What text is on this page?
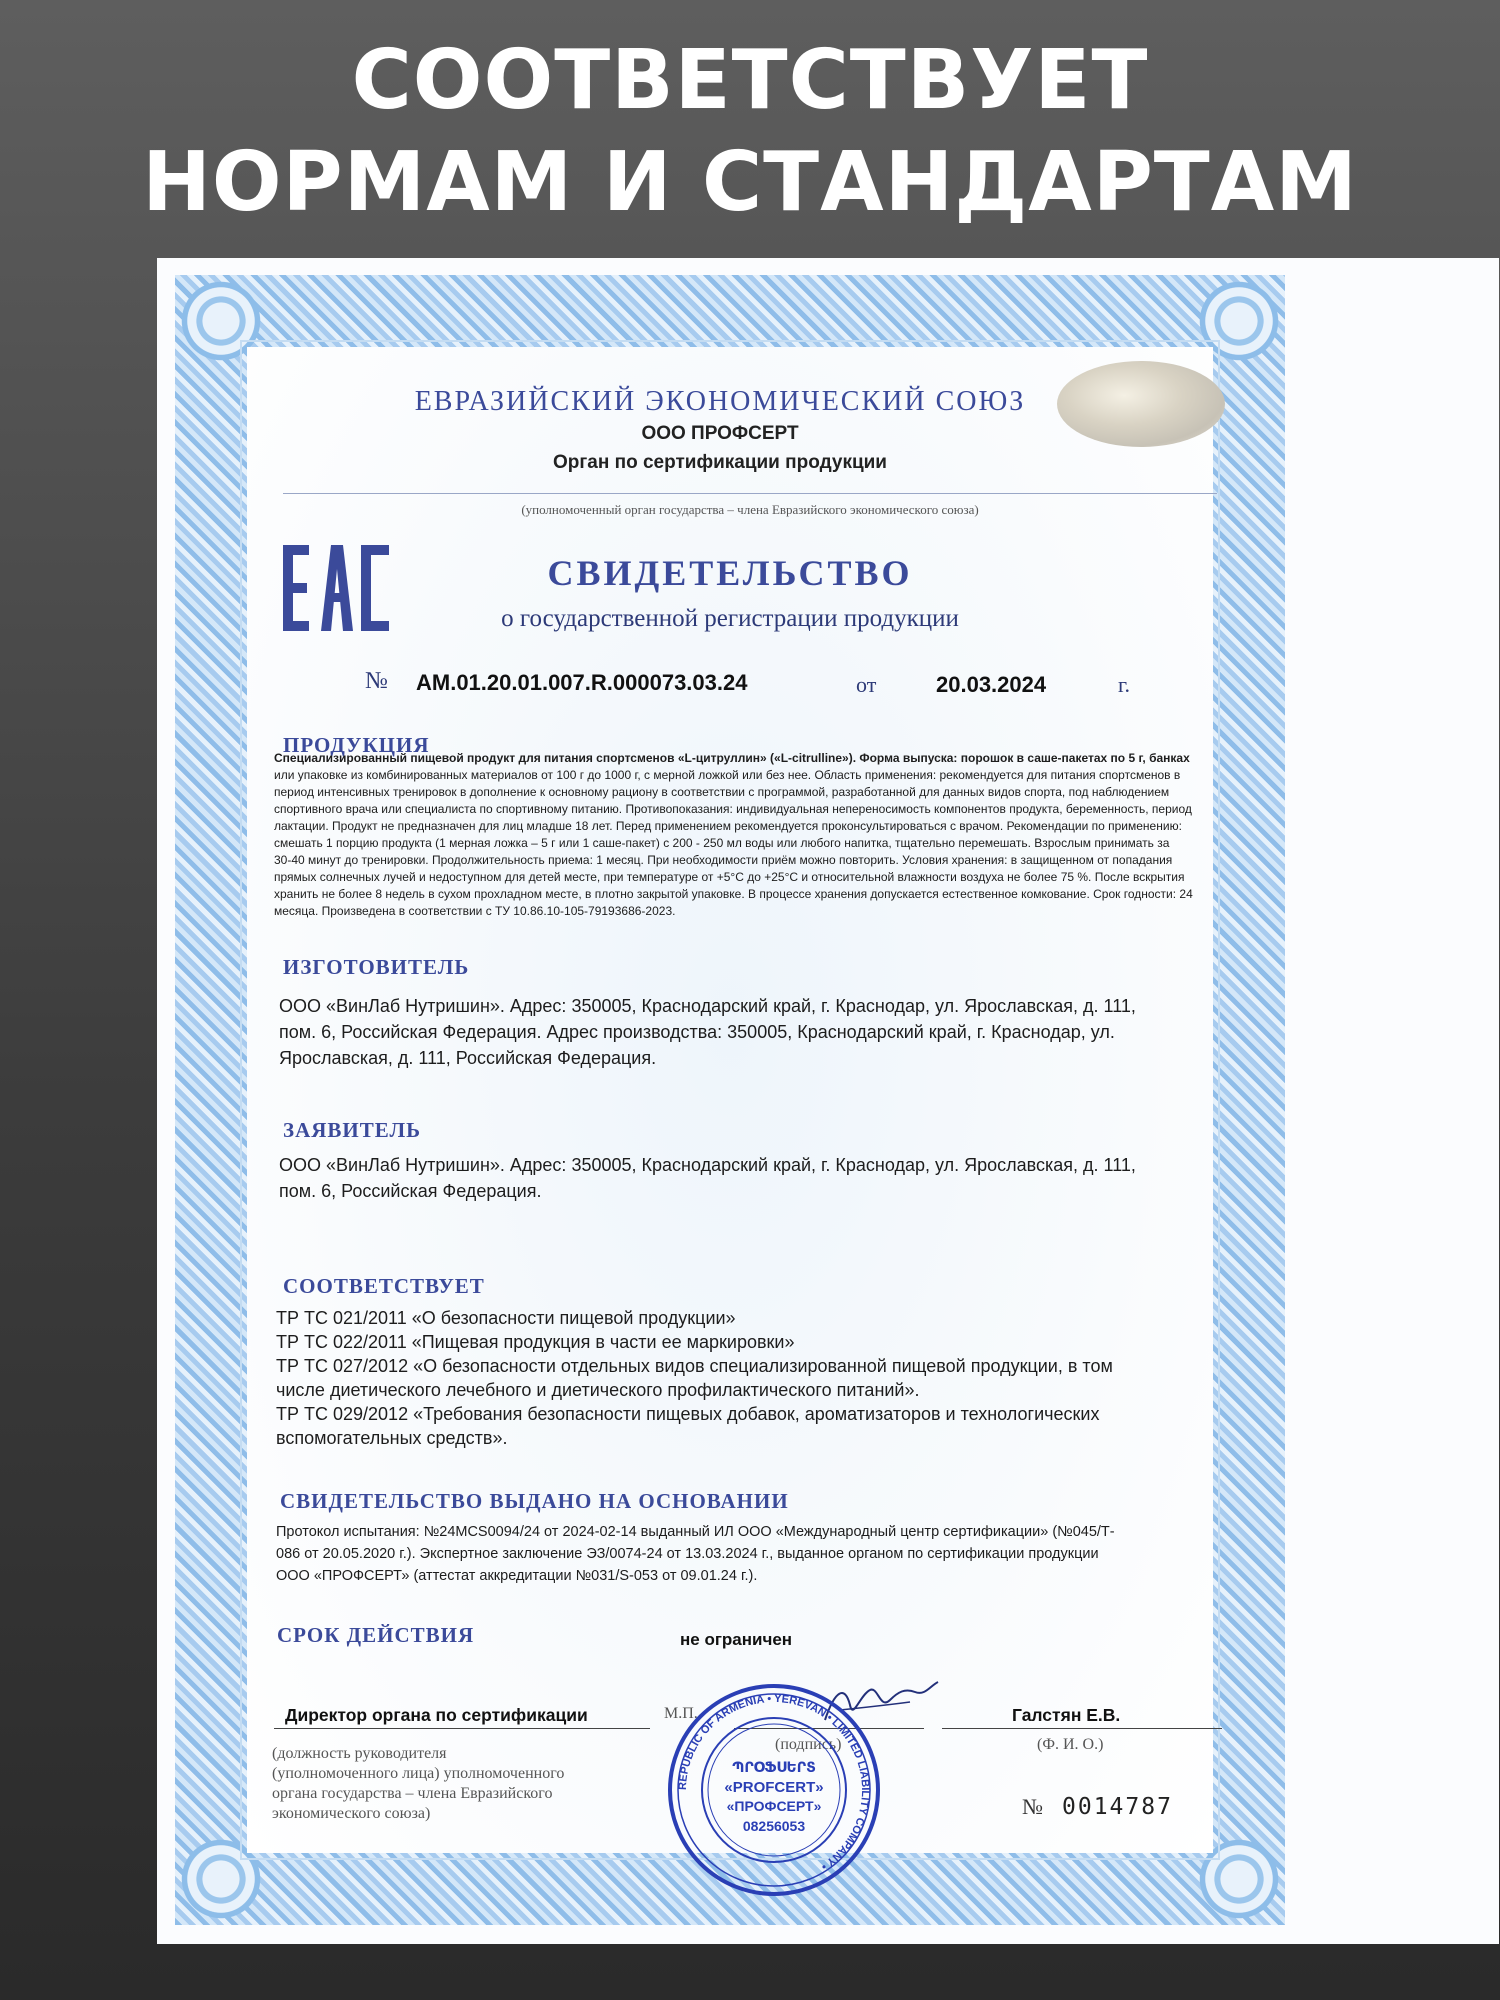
СООТВЕТСТВУЕТ
НОРМАМ И СТАНДАРТАМ

ЕВРАЗИЙСКИЙ ЭКОНОМИЧЕСКИЙ СОЮЗ

ООО ПРОФСЕРТ

Орган по сертификации продукции

(уполномоченный орган государства – члена Евразийского экономического союза)

СВИДЕТЕЛЬСТВО

о государственной регистрации продукции

№ AM.01.20.01.007.R.000073.03.24	от	20.03.2024	г.

ПРОДУКЦИЯ

Специализированный пищевой продукт для питания спортсменов «L-цитруллин» («L-citrulline»). Форма выпуска: порошок в саше-пакетах по 5 г, банках
или упаковке из комбинированных материалов от 100 г до 1000 г, с мерной ложкой или без нее. Область применения: рекомендуется для питания спортсменов в
период интенсивных тренировок в дополнение к основному рациону в соответствии с программой, разработанной для данных видов спорта, под наблюдением
спортивного врача или специалиста по спортивному питанию. Противопоказания: индивидуальная непереносимость компонентов продукта, беременность, период
лактации. Продукт не предназначен для лиц младше 18 лет. Перед применением рекомендуется проконсультироваться с врачом. Рекомендации по применению:
смешать 1 порцию продукта (1 мерная ложка – 5 г или 1 саше-пакет) с 200 - 250 мл воды или любого напитка, тщательно перемешать. Взрослым принимать за
30-40 минут до тренировки. Продолжительность приема: 1 месяц. При необходимости приём можно повторить. Условия хранения: в защищенном от попадания
прямых солнечных лучей и недоступном для детей месте, при температуре от +5°С до +25°С и относительной влажности воздуха не более 75 %. После вскрытия
хранить не более 8 недель в сухом прохладном месте, в плотно закрытой упаковке. В процессе хранения допускается естественное комкование. Срок годности: 24
месяца. Произведена в соответствии с ТУ 10.86.10-105-79193686-2023.

ИЗГОТОВИТЕЛЬ

ООО «ВинЛаб Нутришин». Адрес: 350005, Краснодарский край, г. Краснодар, ул. Ярославская, д. 111,
пом. 6, Российская Федерация. Адрес производства: 350005, Краснодарский край, г. Краснодар, ул.
Ярославская, д. 111, Российская Федерация.

ЗАЯВИТЕЛЬ

ООО «ВинЛаб Нутришин». Адрес: 350005, Краснодарский край, г. Краснодар, ул. Ярославская, д. 111,
пом. 6, Российская Федерация.

СООТВЕТСТВУЕТ

ТР ТС 021/2011 «О безопасности пищевой продукции»
ТР ТС 022/2011 «Пищевая продукция в части ее маркировки»
ТР ТС 027/2012 «О безопасности отдельных видов специализированной пищевой продукции, в том
числе диетического лечебного и диетического профилактического питаний».
ТР ТС 029/2012 «Требования безопасности пищевых добавок, ароматизаторов и технологических
вспомогательных средств».

СВИДЕТЕЛЬСТВО ВЫДАНО НА ОСНОВАНИИ

Протокол испытания: №24MCS0094/24 от 2024-02-14 выданный ИЛ ООО «Международный центр сертификации» (№045/Т-
086 от 20.05.2020 г.). Экспертное заключение ЭЗ/0074-24 от 13.03.2024 г., выданное органом по сертификации продукции
ООО «ПРОФСЕРТ» (аттестат аккредитации №031/S-053 от 09.01.24 г.).

СРОК ДЕЙСТВИЯ	не ограничен

Директор органа по сертификации	М.П.

(подпись)

Галстян Е.В.

(Ф. И. О.)

(должность руководителя
(уполномоченного лица) уполномоченного
органа государства – члена Евразийского
экономического союза)	№ 0014787

REPUBLIC OF ARMENIA • YEREVAN • LIMITED LIABILITY COMPANY •
ՊՐՕՖՍԵՐՏ
«PROFCERT»
«ПРОФСЕРТ»
08256053
